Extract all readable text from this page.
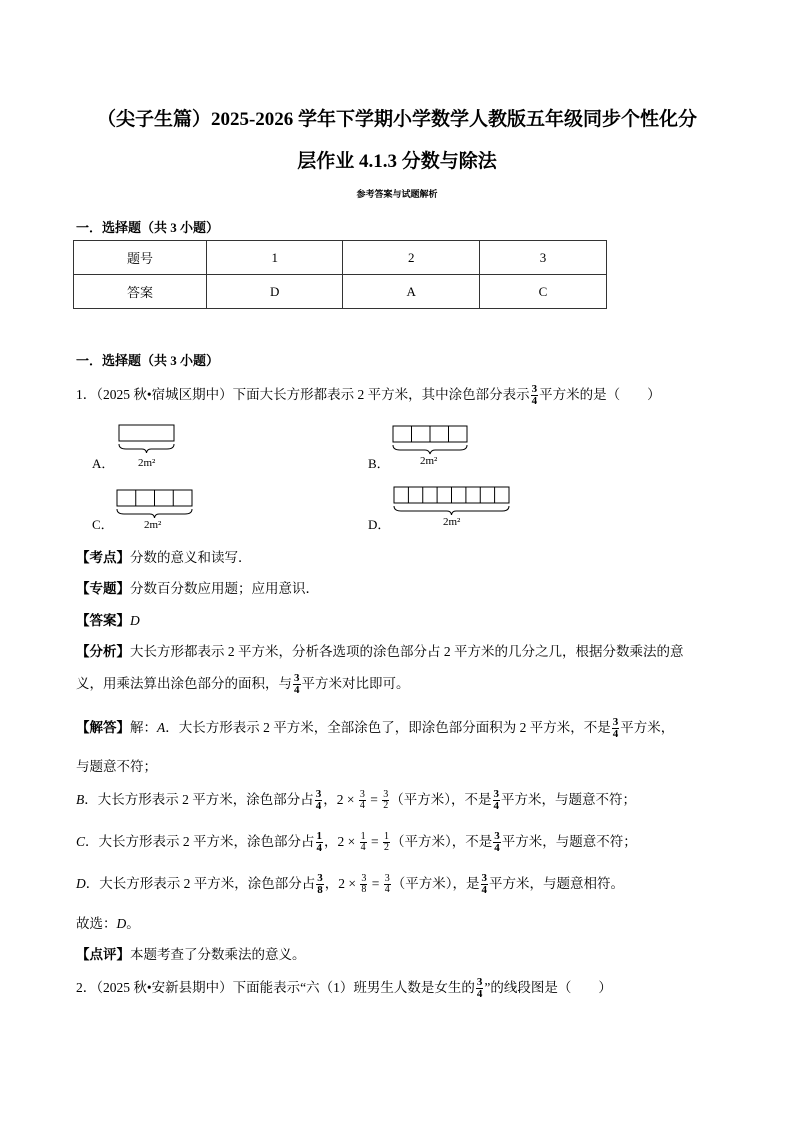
（尖子生篇）2025-2026 学年下学期小学数学人教版五年级同步个性化分
层作业 4.1.3 分数与除法
参考答案与试题解析
一．选择题（共 3 小题）
题号	1	2	3
答案	D	A	C
一．选择题（共 3 小题）
1．（2025 秋•宿城区期中）下面大长方形都表示 2 平方米，其中涂色部分表示 $\frac{3}{4}$ 平方米的是（　　）
A． 2m²	B．	2m²
C．	2m²	D．	2m²
【考点】分数的意义和读写．
【专题】分数百分数应用题；应用意识．
【答案】D
【分析】大长方形都表示 2 平方米，分析各选项的涂色部分占 2 平方米的几分之几，根据分数乘法的意
义，用乘法算出涂色部分的面积，与 $\frac{3}{4}$ 平方米对比即可。
【解答】解：A．大长方形表示 2 平方米，全部涂色了，即涂色部分面积为 2 平方米，不是 $\frac{3}{4}$ 平方米，
与题意不符；
B．大长方形表示 2 平方米，涂色部分占 $\frac{3}{4}$ ，$2 \times \frac{3}{4} = \frac{3}{2}$ （平方米），不是 $\frac{3}{4}$ 平方米，与题意不符；
C．大长方形表示 2 平方米，涂色部分占 $\frac{1}{4}$ ，$2 \times \frac{1}{4} = \frac{1}{2}$ （平方米），不是 $\frac{3}{4}$ 平方米，与题意不符；
D．大长方形表示 2 平方米，涂色部分占 $\frac{3}{8}$ ，$2 \times \frac{3}{8} = \frac{3}{4}$ （平方米），是 $\frac{3}{4}$ 平方米，与题意相符。
故选：D。
【点评】本题考查了分数乘法的意义。
2．（2025 秋•安新县期中）下面能表示“六（1）班男生人数是女生的 $\frac{3}{4}$ ”的线段图是（　　）
